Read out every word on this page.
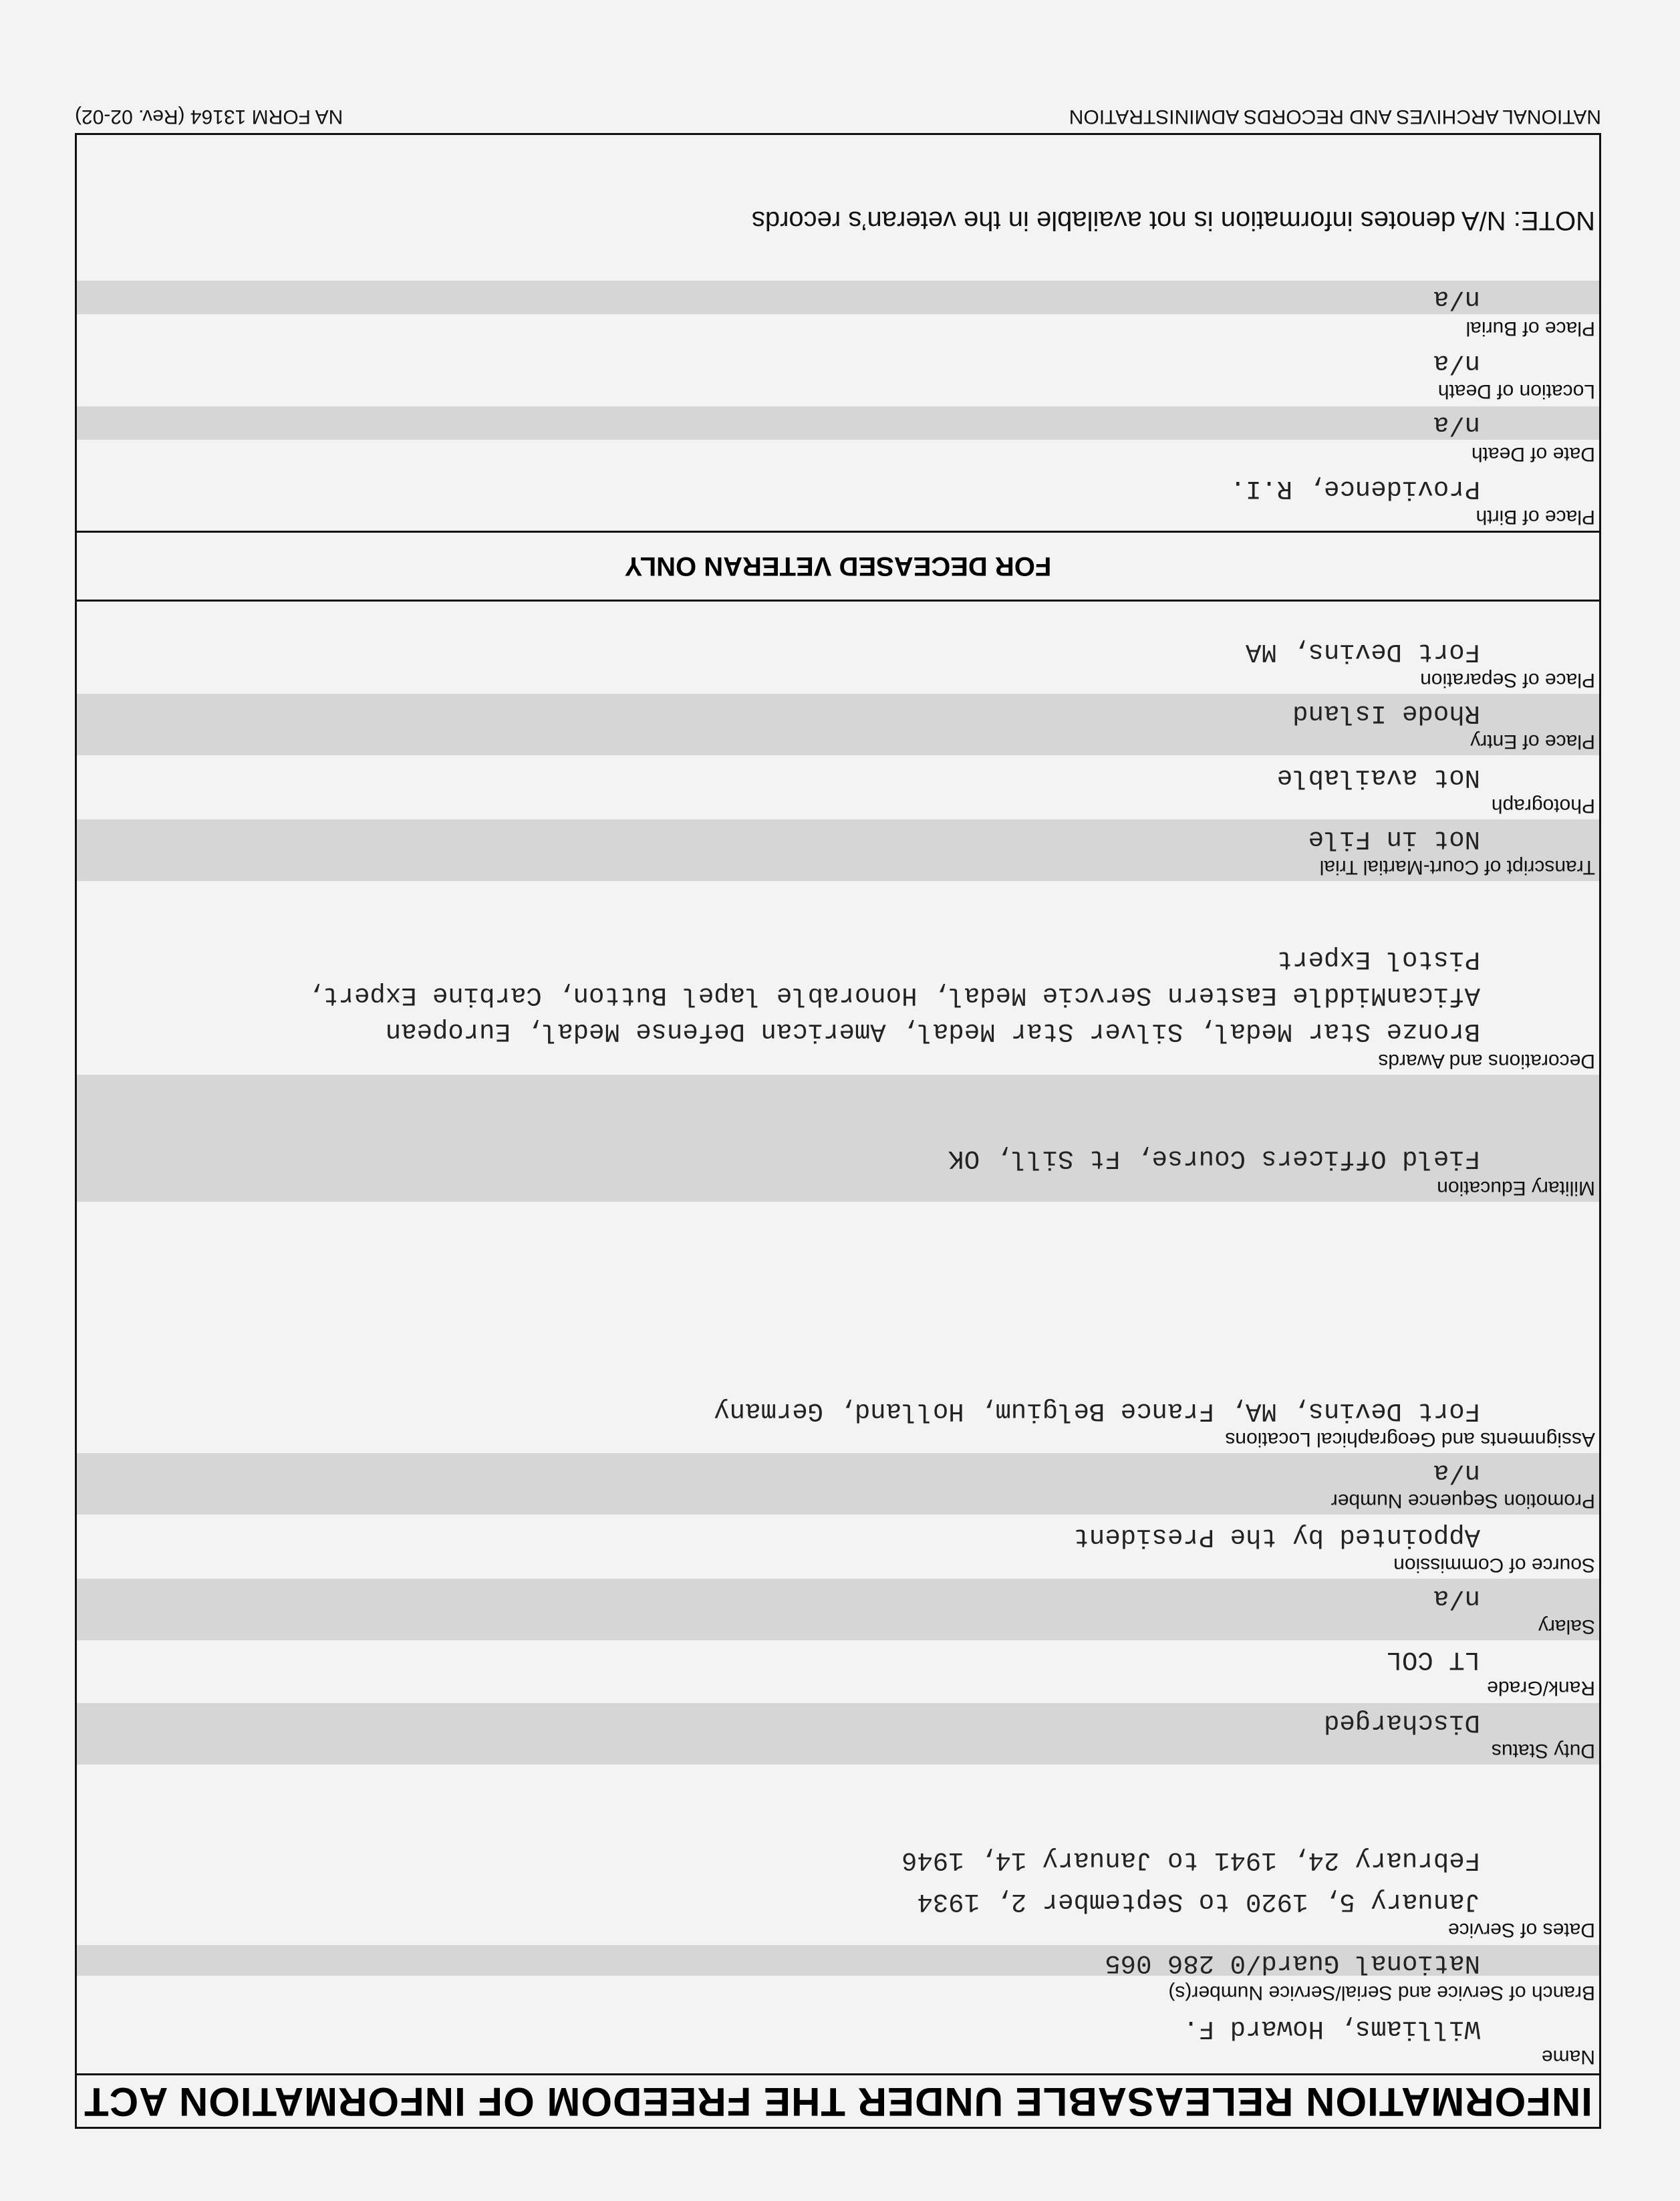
INFORMATION RELEASABLE UNDER THE FREEDOM OF INFORMATION ACT
Name
Williams, Howard F.
Branch of Service and Serial/Service Number(s)
National Guard/0 286 065
Dates of Service
January 5, 1920 to September 2, 1934
February 24, 1941 to January 14, 1946
Duty Status
Discharged
Rank/Grade
LT COL
Salary
n/a
Source of Commission
Appointed by the President
Promotion Sequence Number
n/a
Assignments and Geographical Locations
Fort Devins, MA, France Belgium, Holland, Germany
Military Education
Field Officers Course, Ft Sill, OK
Decorations and Awards
Bronze Star Medal, Silver Star Medal, American Defense Medal, European
AficanMiddle Eastern Servcie Medal, Honorable lapel Button, Carbine Expert,
Pistol Expert
Transcript of Court-Martial Trial
Not in File
Photograph
Not available
Place of Entry
Rhode Island
Place of Separation
Fort Devins, MA
FOR DECEASED VETERAN ONLY
Place of Birth
Providence, R.I.
Date of Death
n/a
Location of Death
n/a
Place of Burial
n/a
NOTE: N/A denotes information is not available in the veteran’s records
NATIONAL ARCHIVES AND RECORDS ADMINISTRATION
NA FORM 13164 (Rev. 02-02)
